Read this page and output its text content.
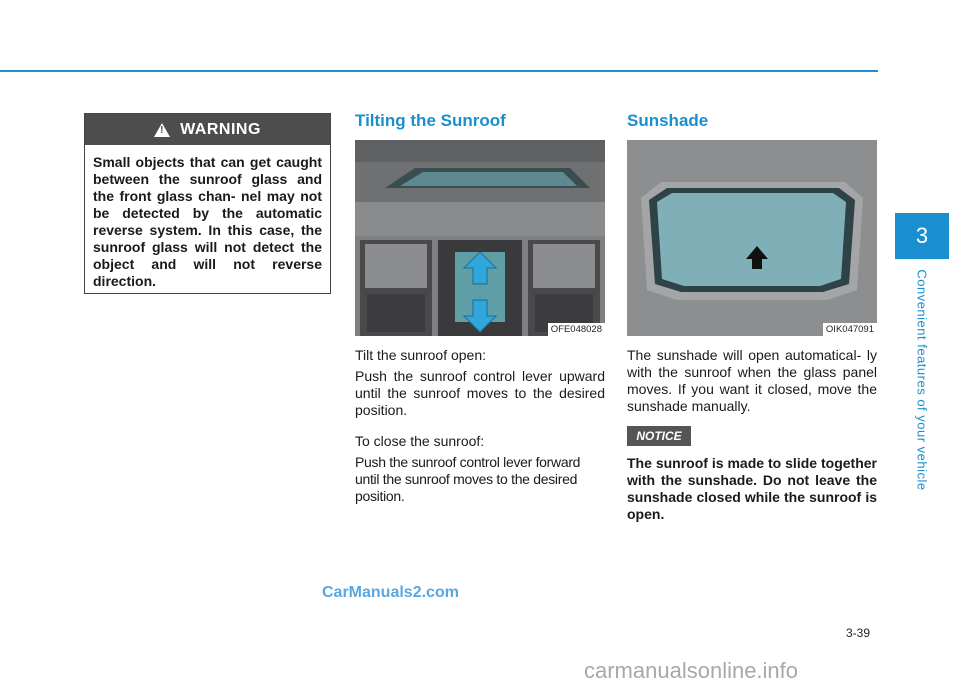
3
Convenient features of your vehicle
!
WARNING
Small objects that can get caught between the sunroof glass and the front glass chan- nel may not be detected by the automatic reverse system. In this case, the sunroof glass will not detect the object and will not reverse direction.
Tilting the Sunroof
OFE048028

Tilt the sunroof open:

Push the sunroof control lever upward until the sunroof moves to the desired position.

To close the sunroof:

Push the sunroof control lever forward until the sunroof moves to the desired position.

Sunshade
OIK047091
The sunshade will open automatical- ly with the sunroof when the glass panel moves. If you want it closed, move the sunshade manually.
NOTICE
The sunroof is made to slide together with the sunshade. Do not leave the sunshade closed while the sunroof is open.
CarManuals2.com
carmanualsonline.info
3-39
